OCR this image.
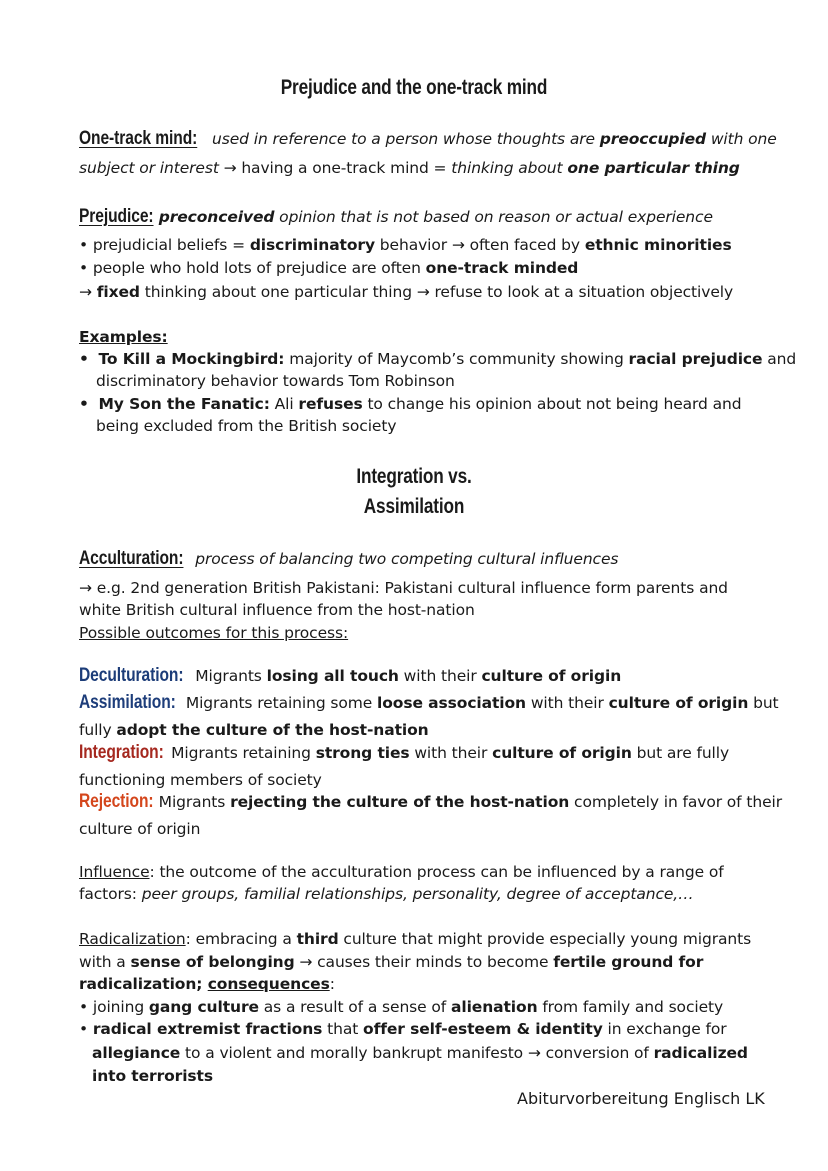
Prejudice and the one-track mind
One-track mind: used in reference to a person whose thoughts are preoccupied with one
subject or interest → having a one-track mind = thinking about one particular thing
Prejudice: preconceived opinion that is not based on reason or actual experience
• prejudicial beliefs = discriminatory behavior → often faced by ethnic minorities
• people who hold lots of prejudice are often one-track minded
→ fixed thinking about one particular thing → refuse to look at a situation objectively
Examples:
• To Kill a Mockingbird: majority of Maycomb’s community showing racial prejudice and
discriminatory behavior towards Tom Robinson
• My Son the Fanatic: Ali refuses to change his opinion about not being heard and
being excluded from the British society
Integration vs.
Assimilation
Acculturation: process of balancing two competing cultural influences
→ e.g. 2nd generation British Pakistani: Pakistani cultural influence form parents and
white British cultural influence from the host-nation
Possible outcomes for this process:
Deculturation: Migrants losing all touch with their culture of origin
Assimilation: Migrants retaining some loose association with their culture of origin but
fully adopt the culture of the host-nation
Integration: Migrants retaining strong ties with their culture of origin but are fully
functioning members of society
Rejection: Migrants rejecting the culture of the host-nation completely in favor of their
culture of origin
Influence: the outcome of the acculturation process can be influenced by a range of
factors: peer groups, familial relationships, personality, degree of acceptance,…
Radicalization: embracing a third culture that might provide especially young migrants
with a sense of belonging → causes their minds to become fertile ground for
radicalization; consequences:
• joining gang culture as a result of a sense of alienation from family and society
• radical extremist fractions that offer self-esteem & identity in exchange for
allegiance to a violent and morally bankrupt manifesto → conversion of radicalized
into terrorists
Abiturvorbereitung Englisch LK
